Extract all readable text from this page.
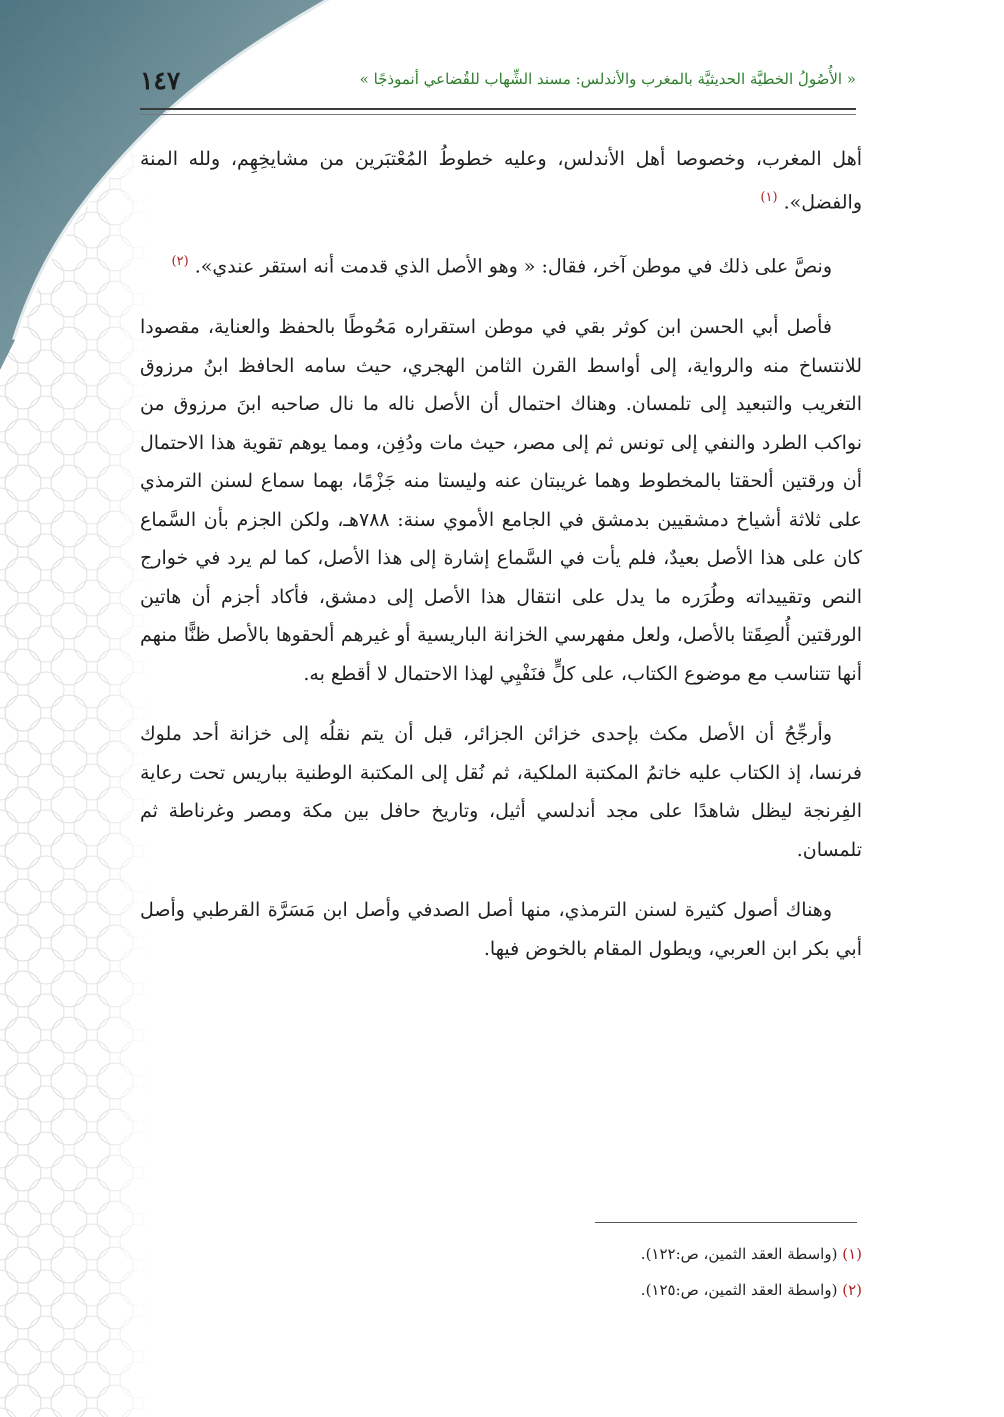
« الأُصُولُ الخطيَّة الحديثيَّة بالمغرب والأندلس: مسند الشِّهاب للقُضاعي أنموذجًا »
١٤٧

أهل المغرب، وخصوصا أهل الأندلس، وعليه خطوطُ المُعْتبَرين من مشايخِهِم، ولله المنة والفضل». $^{(١)}$

ونصَّ على ذلك في موطن آخر، فقال: « وهو الأصل الذي قدمت أنه استقر عندي». $^{(٢)}$

فأصل أبي الحسن ابن كوثر بقي في موطن استقراره مَحُوطًا بالحفظ والعناية، مقصودا للانتساخ منه والرواية، إلى أواسط القرن الثامن الهجري، حيث سامه الحافظ ابنُ مرزوق التغريب والتبعيد إلى تلمسان. وهناك احتمال أن الأصل ناله ما نال صاحبه ابنَ مرزوق من نواكب الطرد والنفي إلى تونس ثم إلى مصر، حيث مات ودُفِن، ومما يوهم تقوية هذا الاحتمال أن ورقتين ألحقتا بالمخطوط وهما غريبتان عنه وليستا منه جَزْمًا، بهما سماع لسنن الترمذي على ثلاثة أشياخ دمشقيين بدمشق في الجامع الأموي سنة: ٧٨٨هـ، ولكن الجزم بأن السَّماع كان على هذا الأصل بعيدٌ، فلم يأت في السَّماع إشارة إلى هذا الأصل، كما لم يرد في خوارج النص وتقييداته وطُرَره ما يدل على انتقال هذا الأصل إلى دمشق، فأكاد أجزم أن هاتين الورقتين أُلصِقَتا بالأصل، ولعل مفهرسي الخزانة الباريسية أو غيرهم ألحقوها بالأصل ظنًّا منهم أنها تتناسب مع موضوع الكتاب، على كلٍّ فنَفْيِي لهذا الاحتمال لا أقطع به.

وأرجِّحُ أن الأصل مكث بإحدى خزائن الجزائر، قبل أن يتم نقلُه إلى خزانة أحد ملوك فرنسا، إذ الكتاب عليه خاتمُ المكتبة الملكية، ثم نُقل إلى المكتبة الوطنية بباريس تحت رعاية الفِرنجة ليظل شاهدًا على مجد أندلسي أثيل، وتاريخ حافل بين مكة ومصر وغرناطة ثم تلمسان.

وهناك أصول كثيرة لسنن الترمذي، منها أصل الصدفي وأصل ابن مَسَرَّة القرطبي وأصل أبي بكر ابن العربي، ويطول المقام بالخوض فيها.

(١) (واسطة العقد الثمين، ص:١٢٢).
(٢) (واسطة العقد الثمين، ص:١٢٥).
